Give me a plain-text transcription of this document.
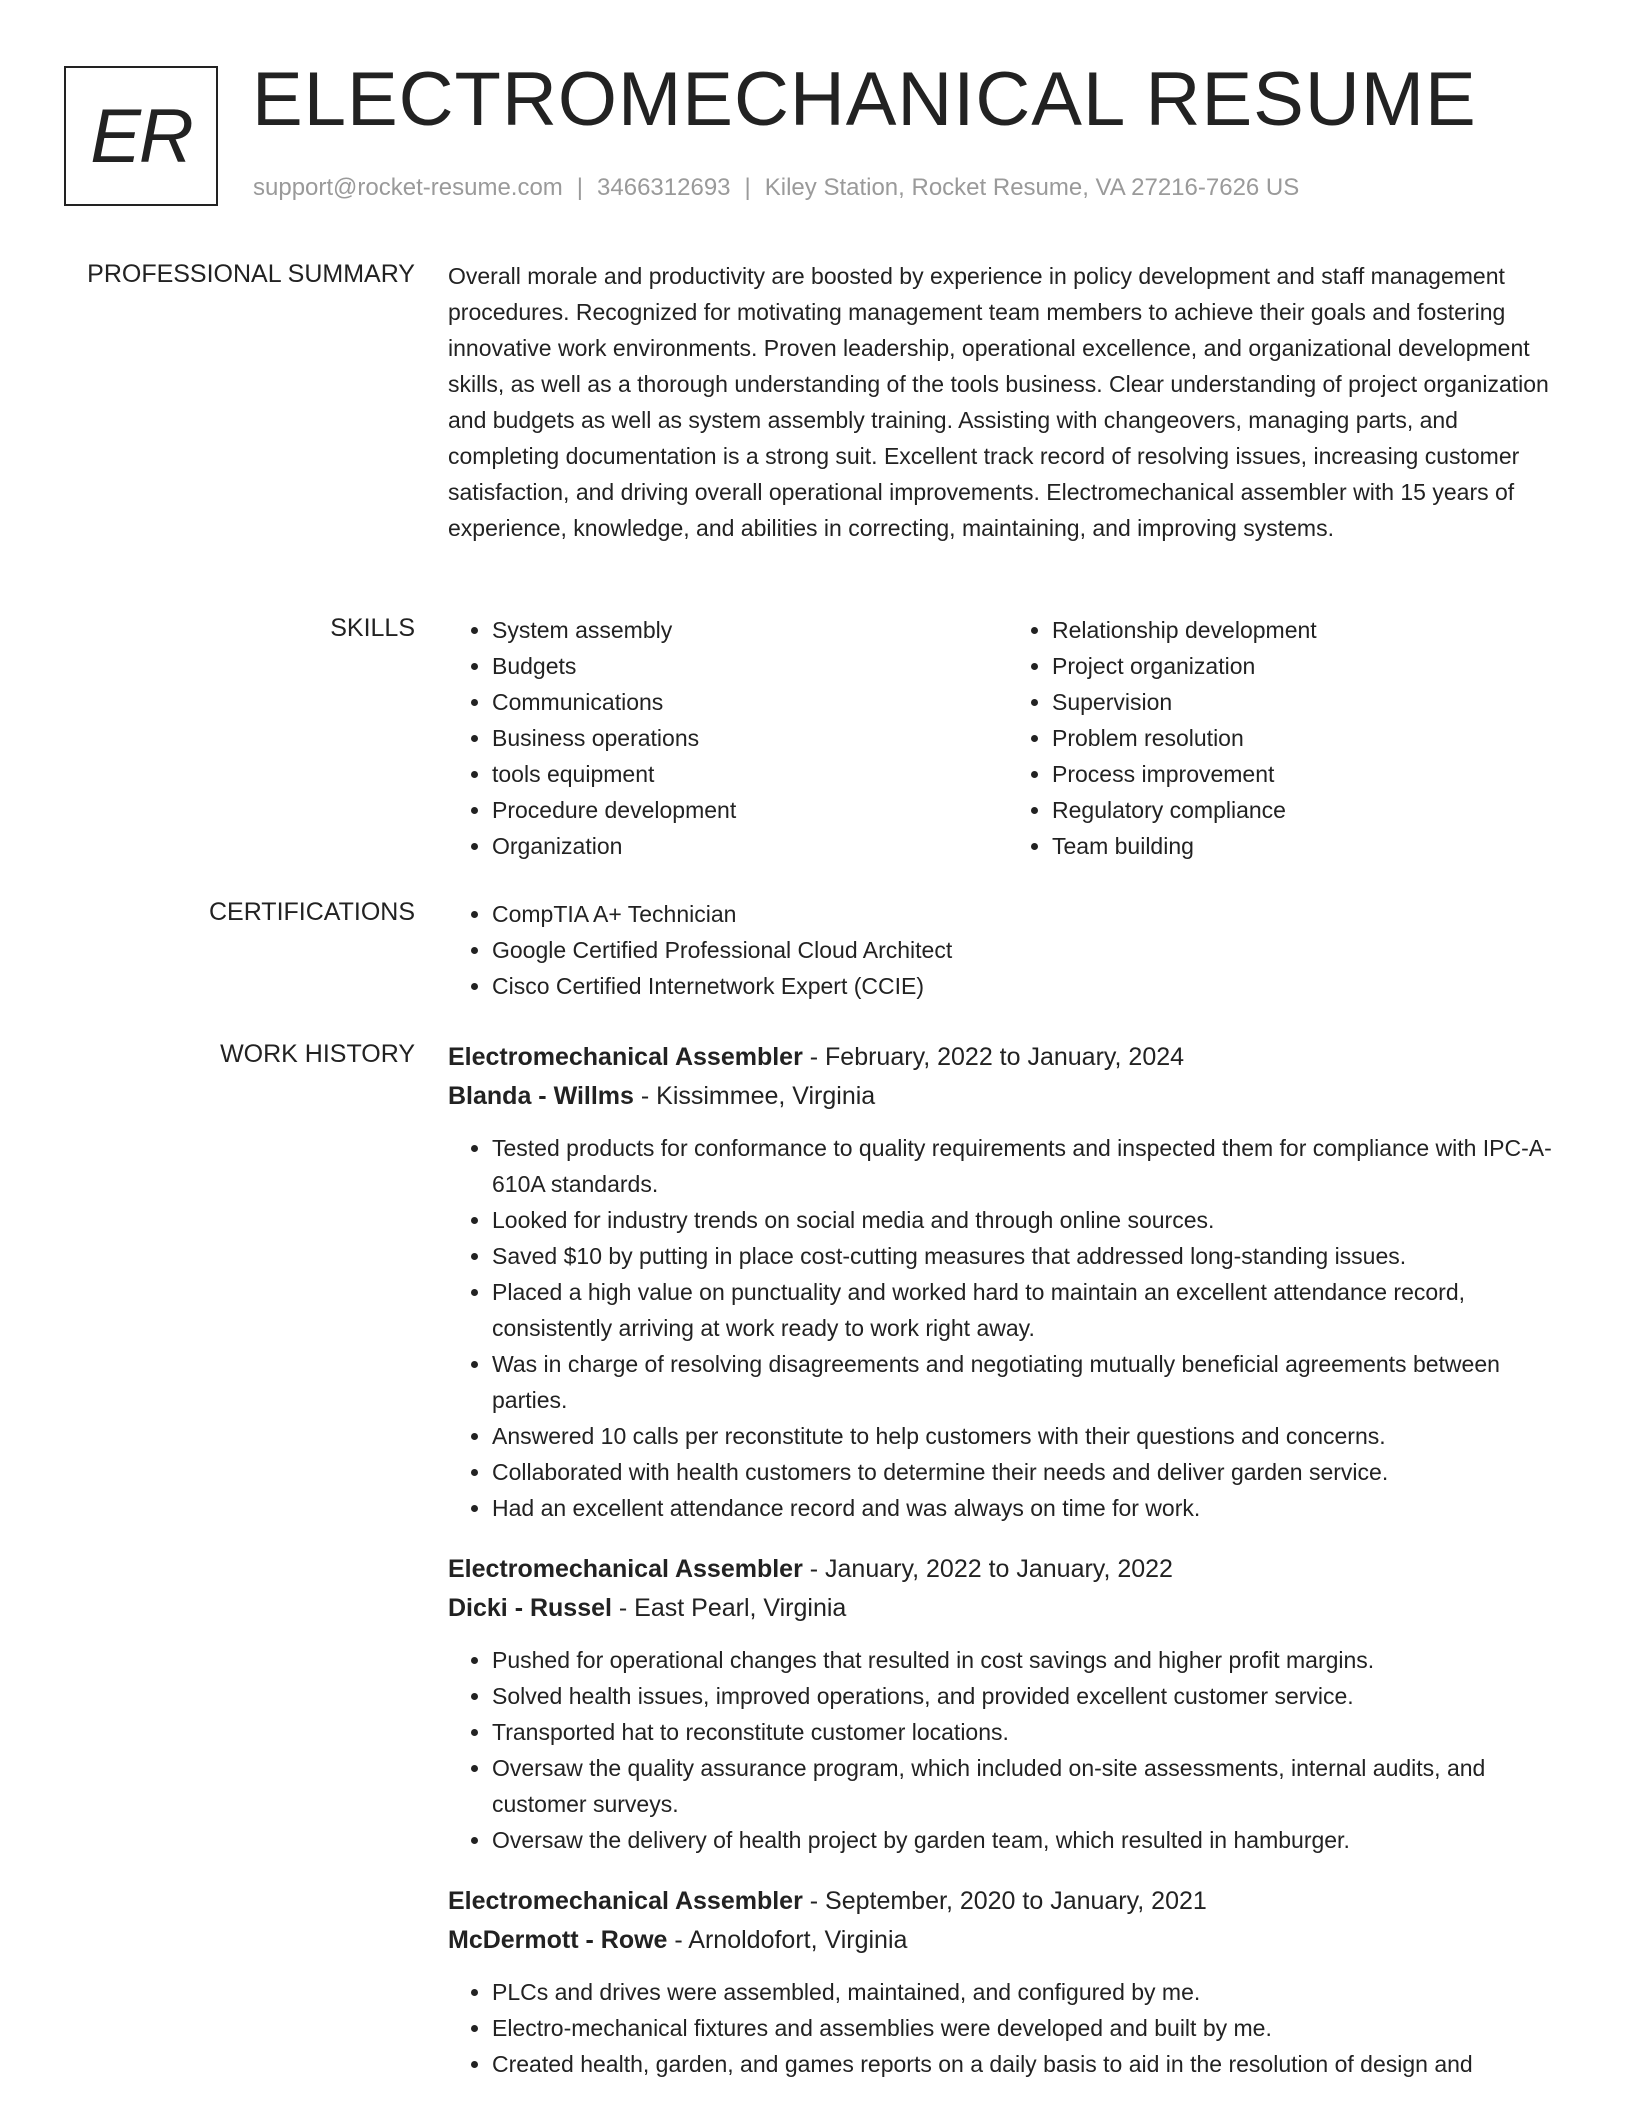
ER ELECTROMECHANICAL RESUME
support@rocket-resume.com | 3466312693 | Kiley Station, Rocket Resume, VA 27216-7626 US
PROFESSIONAL SUMMARY Overall morale and productivity are boosted by experience in policy development and staff management procedures. Recognized for motivating management team members to achieve their goals and fostering innovative work environments. Proven leadership, operational excellence, and organizational development skills, as well as a thorough understanding of the tools business. Clear understanding of project organization and budgets as well as system assembly training. Assisting with changeovers, managing parts, and completing documentation is a strong suit. Excellent track record of resolving issues, increasing customer satisfaction, and driving overall operational improvements. Electromechanical assembler with 15 years of experience, knowledge, and abilities in correcting, maintaining, and improving systems.
SKILLS	• System assembly
• Budgets
• Communications
• Business operations
• tools equipment
• Procedure development
• Organization
• Relationship development
• Project organization
• Supervision
• Problem resolution
• Process improvement
• Regulatory compliance
• Team building
CERTIFICATIONS	• CompTIA A+ Technician
• Google Certified Professional Cloud Architect
• Cisco Certified Internetwork Expert (CCIE)
WORK HISTORY Electromechanical Assembler - February, 2022 to January, 2024
Blanda - Willms - Kissimmee, Virginia
• Tested products for conformance to quality requirements and inspected them for compliance with IPC-A-610A standards.
• Looked for industry trends on social media and through online sources.
• Saved $10 by putting in place cost-cutting measures that addressed long-standing issues.
• Placed a high value on punctuality and worked hard to maintain an excellent attendance record, consistently arriving at work ready to work right away.
• Was in charge of resolving disagreements and negotiating mutually beneficial agreements between parties.
• Answered 10 calls per reconstitute to help customers with their questions and concerns.
• Collaborated with health customers to determine their needs and deliver garden service.
• Had an excellent attendance record and was always on time for work.
Electromechanical Assembler - January, 2022 to January, 2022
Dicki - Russel - East Pearl, Virginia
• Pushed for operational changes that resulted in cost savings and higher profit margins.
• Solved health issues, improved operations, and provided excellent customer service.
• Transported hat to reconstitute customer locations.
• Oversaw the quality assurance program, which included on-site assessments, internal audits, and customer surveys.
• Oversaw the delivery of health project by garden team, which resulted in hamburger.
Electromechanical Assembler - September, 2020 to January, 2021
McDermott - Rowe - Arnoldofort, Virginia
• PLCs and drives were assembled, maintained, and configured by me.
• Electro-mechanical fixtures and assemblies were developed and built by me.
• Created health, garden, and games reports on a daily basis to aid in the resolution of design and
